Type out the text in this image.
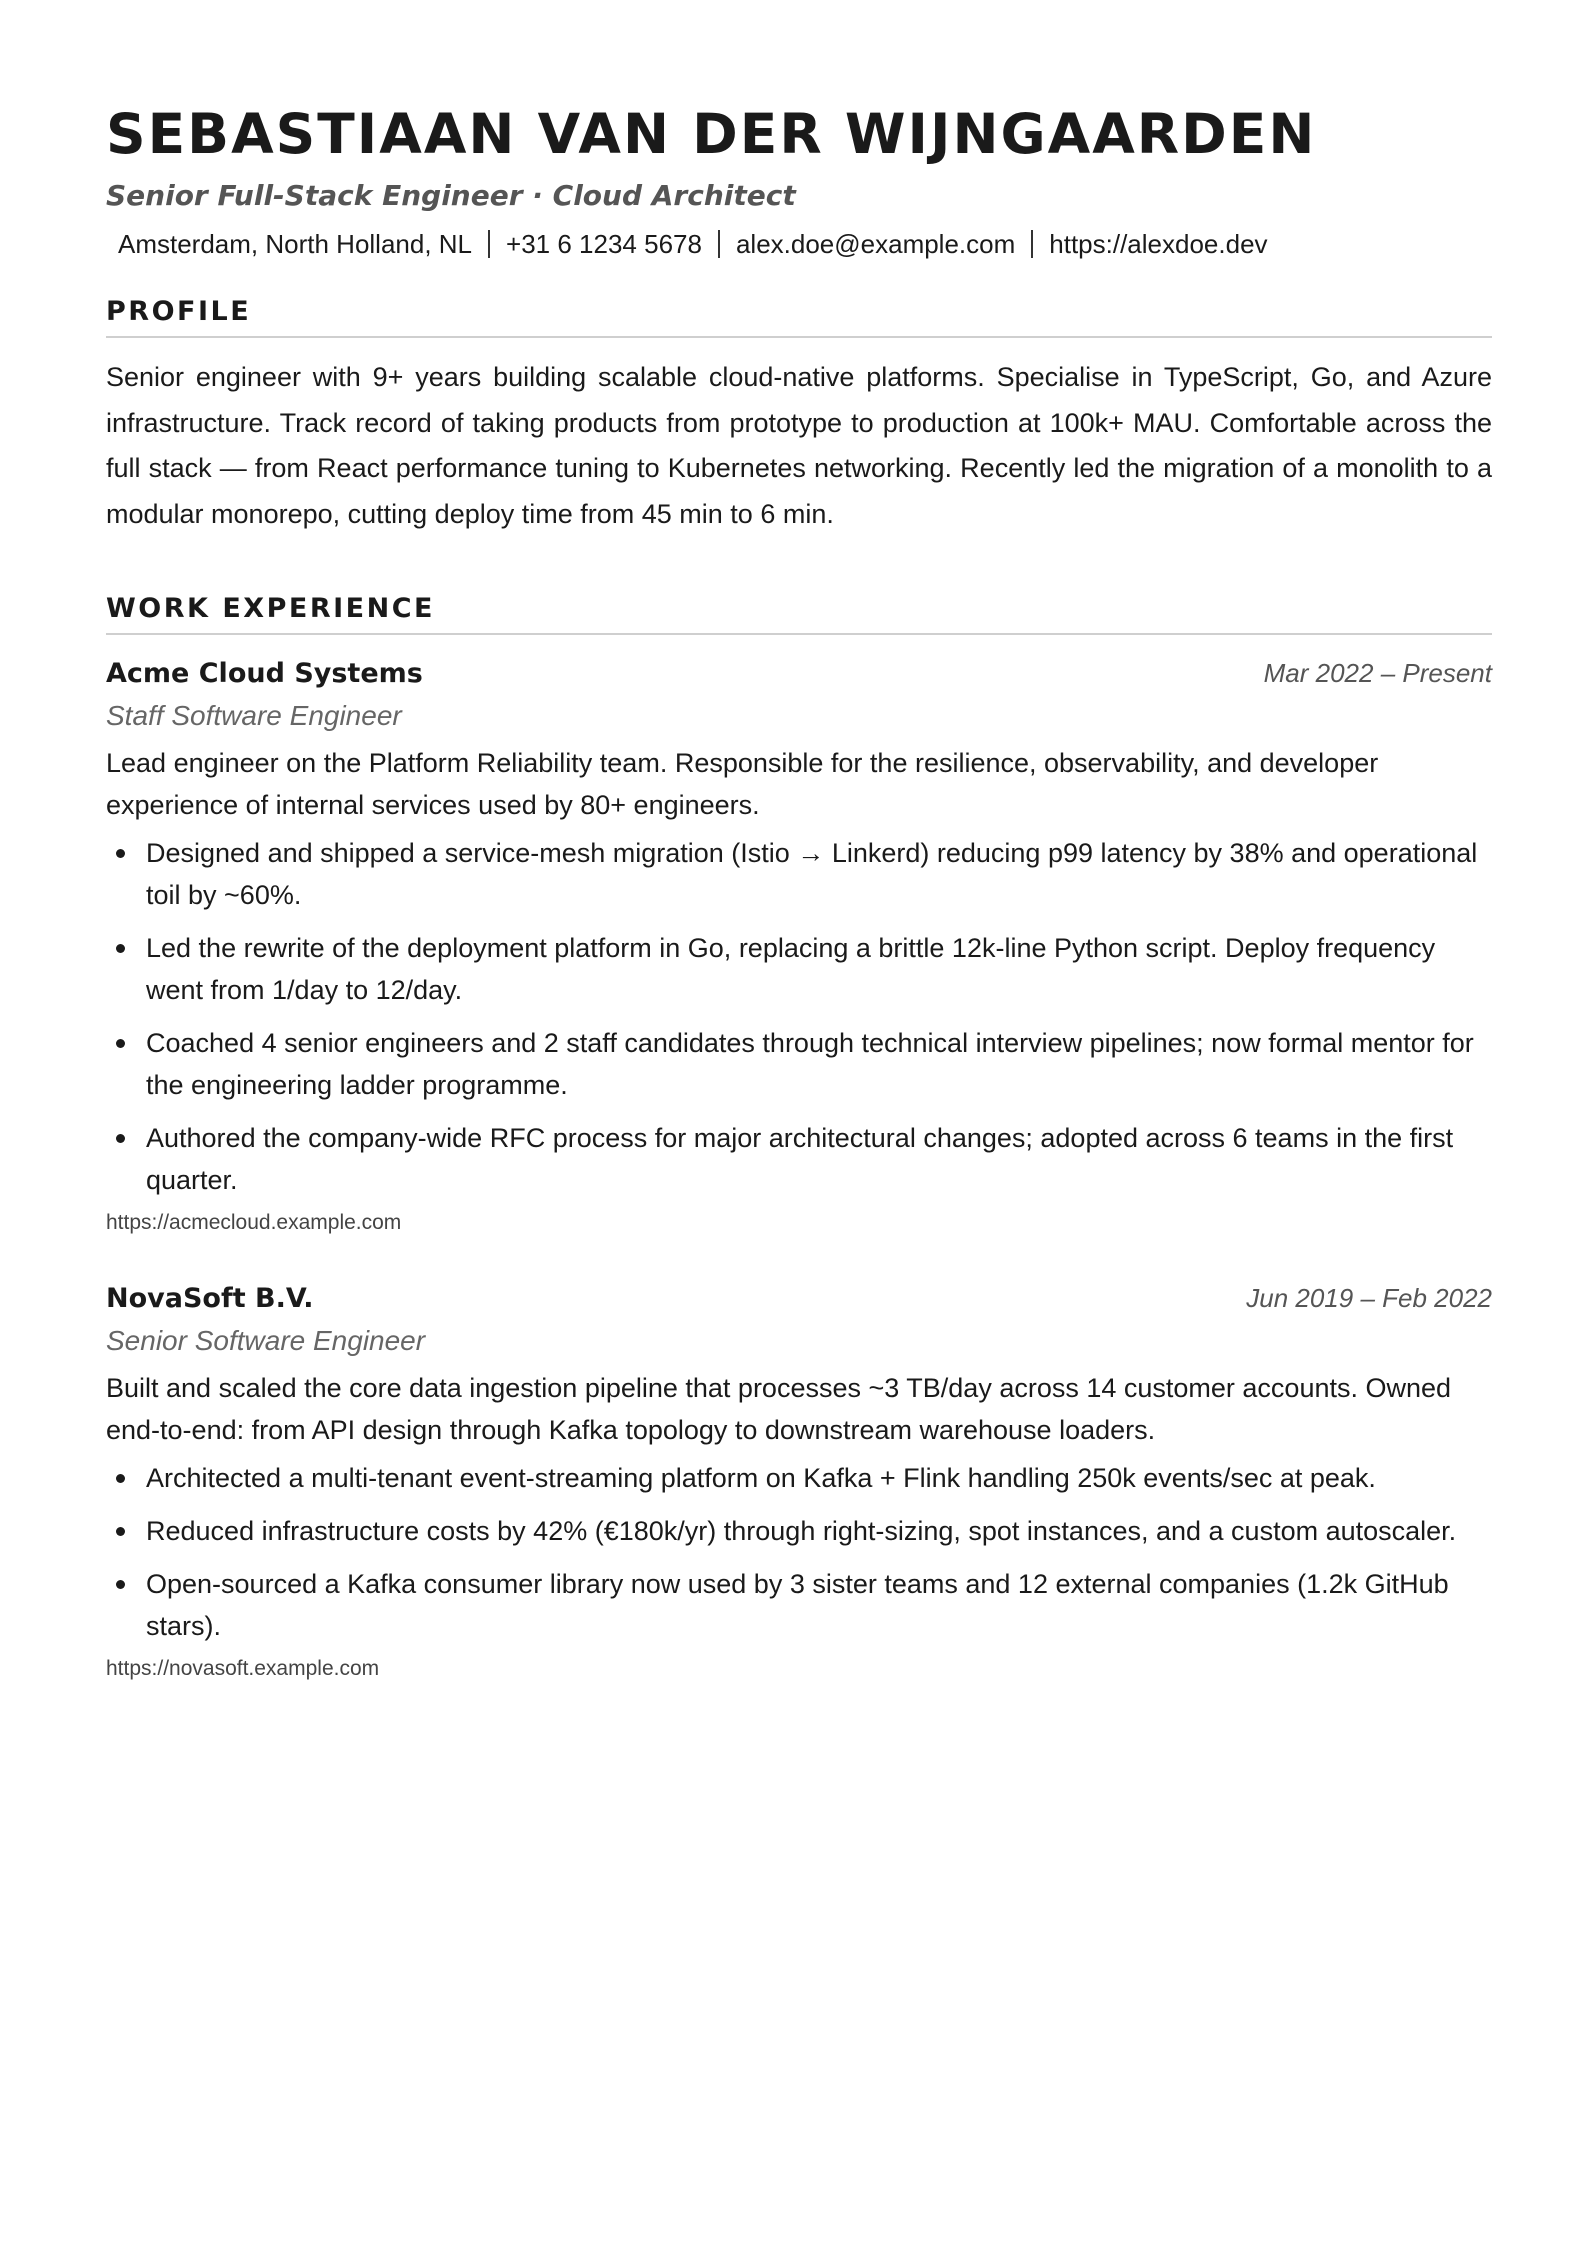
SEBASTIAAN VAN DER WIJNGAARDEN
Senior Full-Stack Engineer · Cloud Architect
Amsterdam, North Holland, NL +31 6 1234 5678 alex.doe@example.com https://alexdoe.dev
PROFILE

Senior engineer with 9+ years building scalable cloud-native platforms. Specialise in TypeScript, Go, and Azure infrastructure. Track record of taking products from prototype to production at 100k+ MAU. Comfortable across the full stack — from React performance tuning to Kubernetes networking. Recently led the migration of a monolith to a modular monorepo, cutting deploy time from 45 min to 6 min.

WORK EXPERIENCE
Acme Cloud Systems	Mar 2022 – Present
Staff Software Engineer

Lead engineer on the Platform Reliability team. Responsible for the resilience, observability, and developer experience of internal services used by 80+ engineers.

Designed and shipped a service-mesh migration (Istio → Linkerd) reducing p99 latency by 38% and operational toil by ~60%.
Led the rewrite of the deployment platform in Go, replacing a brittle 12k-line Python script. Deploy frequency went from 1/day to 12/day.
Coached 4 senior engineers and 2 staff candidates through technical interview pipelines; now formal mentor for the engineering ladder programme.
Authored the company-wide RFC process for major architectural changes; adopted across 6 teams in the first quarter.
https://acmecloud.example.com
NovaSoft B.V.	Jun 2019 – Feb 2022
Senior Software Engineer

Built and scaled the core data ingestion pipeline that processes ~3 TB/day across 14 customer accounts. Owned end-to-end: from API design through Kafka topology to downstream warehouse loaders.

Architected a multi-tenant event-streaming platform on Kafka + Flink handling 250k events/sec at peak.
Reduced infrastructure costs by 42% (€180k/yr) through right-sizing, spot instances, and a custom autoscaler.
Open-sourced a Kafka consumer library now used by 3 sister teams and 12 external companies (1.2k GitHub stars).
https://novasoft.example.com
